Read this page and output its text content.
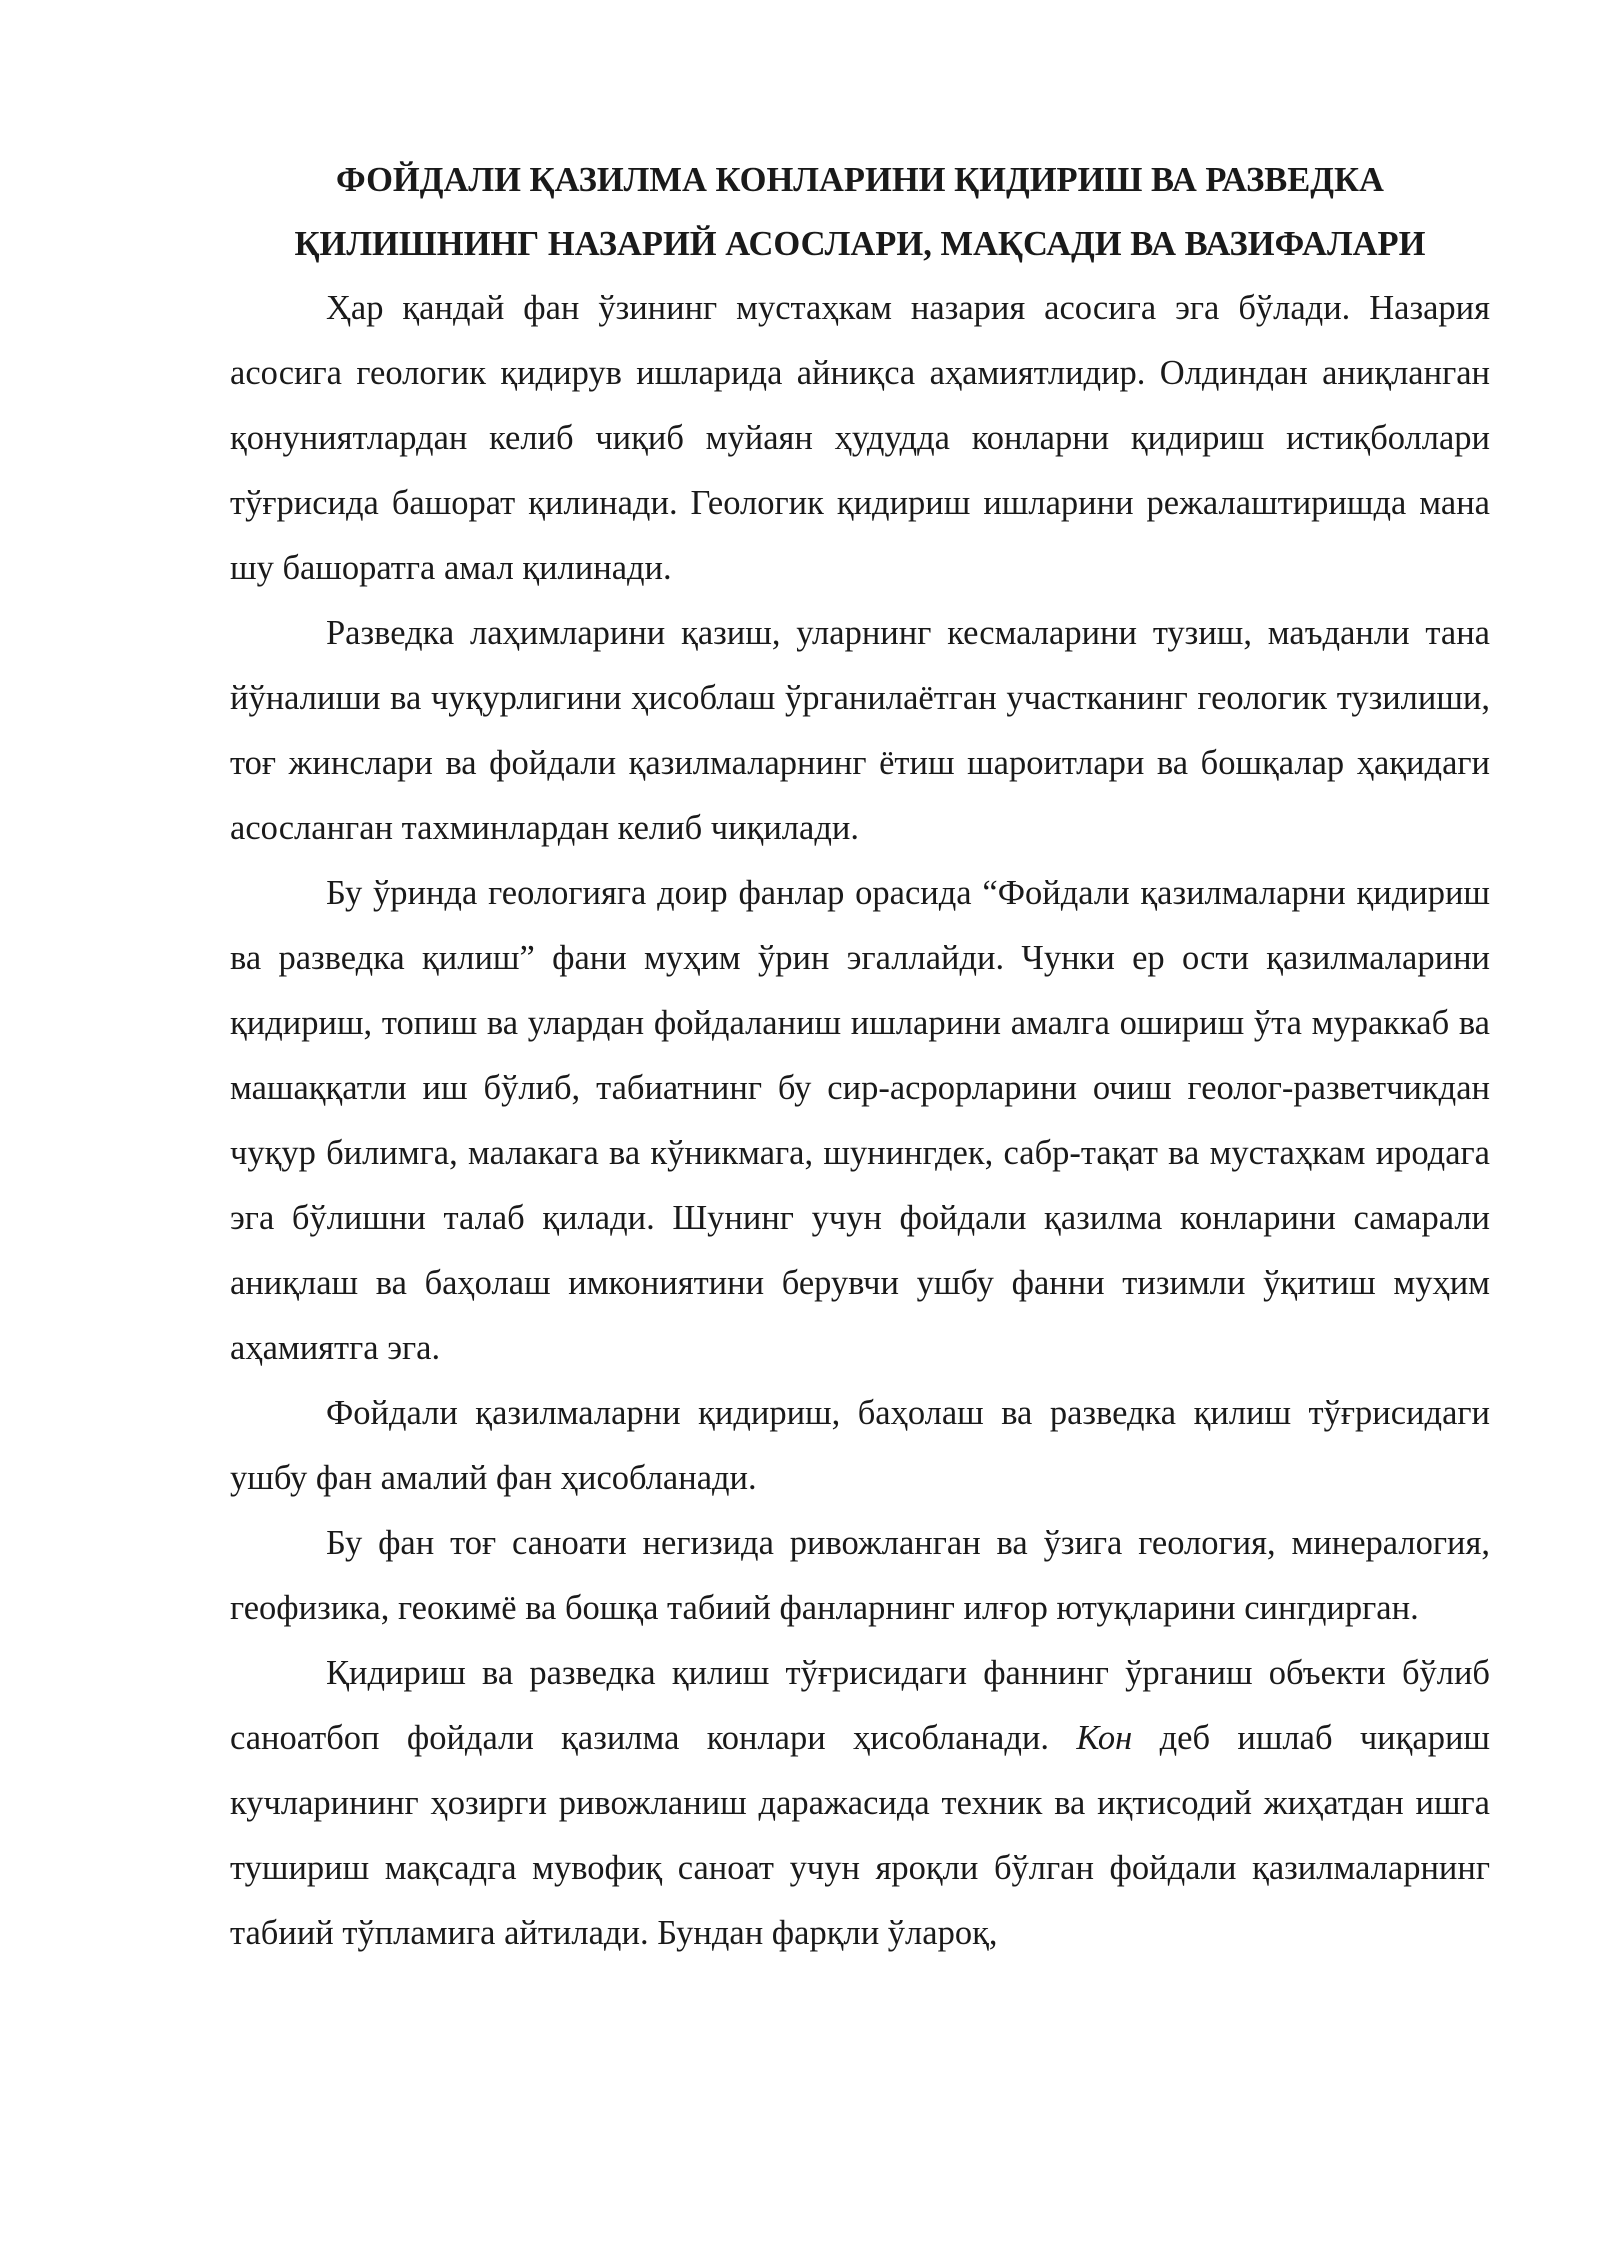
ФОЙДАЛИ ҚАЗИЛМА КОНЛАРИНИ ҚИДИРИШ ВА РАЗВЕДКА
ҚИЛИШНИНГ НАЗАРИЙ АСОСЛАРИ, МАҚСАДИ ВА ВАЗИФАЛАРИ

Ҳар қандай фан ўзининг мустаҳкам назария асосига эга бўлади. Назария асосига геологик қидирув ишларида айниқса аҳамиятлидир. Олдиндан аниқланган қонуниятлардан келиб чиқиб муйаян ҳудудда конларни қидириш истиқболлари тўғрисида башорат қилинади. Геологик қидириш ишларини режалаштиришда мана шу башоратга амал қилинади.

Разведка лаҳимларини қазиш, уларнинг кесмаларини тузиш, маъданли тана йўналиши ва чуқурлигини ҳисоблаш ўрганилаётган участканинг геологик тузилиши, тоғ жинслари ва фойдали қазилмаларнинг ётиш шароитлари ва бошқалар ҳақидаги асосланган тахминлардан келиб чиқилади.

Бу ўринда геологияга доир фанлар орасида “Фойдали қазилмаларни қидириш ва разведка қилиш” фани муҳим ўрин эгаллайди. Чунки ер ости қазилмаларини қидириш, топиш ва улардан фойдаланиш ишларини амалга ошириш ўта мураккаб ва машаққатли иш бўлиб, табиатнинг бу сир-асрорларини очиш геолог-разветчикдан чуқур билимга, малакага ва кўникмага, шунингдек, сабр-тақат ва мустаҳкам иродага эга бўлишни талаб қилади. Шунинг учун фойдали қазилма конларини самарали аниқлаш ва баҳолаш имкониятини берувчи ушбу фанни тизимли ўқитиш муҳим аҳамиятга эга.

Фойдали қазилмаларни қидириш, баҳолаш ва разведка қилиш тўғрисидаги ушбу фан амалий фан ҳисобланади.

Бу фан тоғ саноати негизида ривожланган ва ўзига геология, минералогия, геофизика, геокимё ва бошқа табиий фанларнинг илғор ютуқларини сингдирган.

Қидириш ва разведка қилиш тўғрисидаги фаннинг ўрганиш объекти бўлиб саноатбоп фойдали қазилма конлари ҳисобланади. Кон деб ишлаб чиқариш кучларининг ҳозирги ривожланиш даражасида техник ва иқтисодий жиҳатдан ишга тушириш мақсадга мувофиқ саноат учун яроқли бўлган фойдали қазилмаларнинг табиий тўпламига айтилади. Бундан фарқли ўлароқ,
